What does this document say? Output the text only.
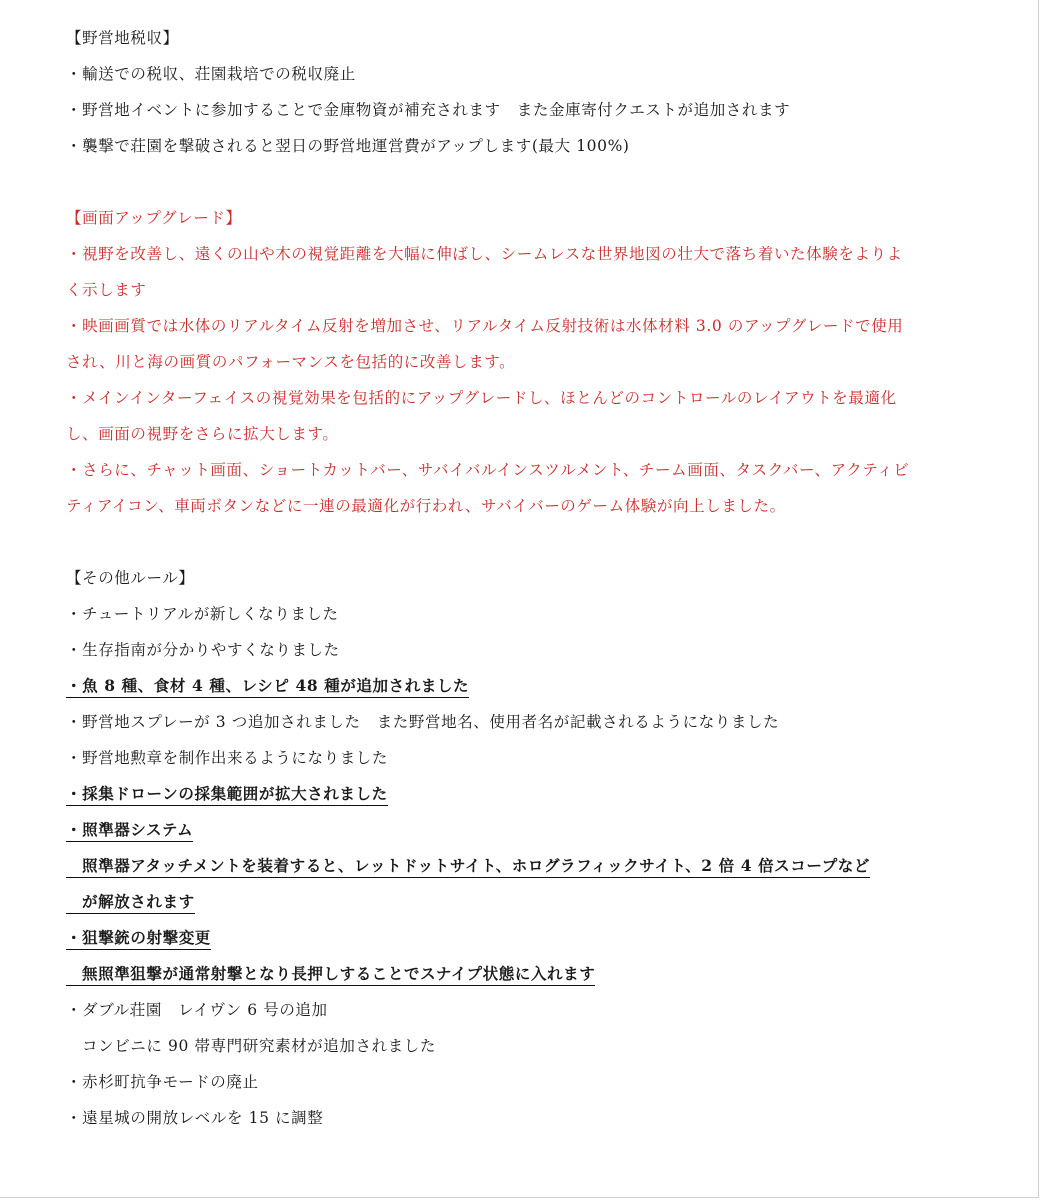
【野営地税収】
・輸送での税収、荘園栽培での税収廃止
・野営地イベントに参加することで金庫物資が補充されます　また金庫寄付クエストが追加されます
・襲撃で荘園を撃破されると翌日の野営地運営費がアップします(最大 100%)
【画面アップグレード】
・視野を改善し、遠くの山や木の視覚距離を大幅に伸ばし、シームレスな世界地図の壮大で落ち着いた体験をよりよ
く示します
・映画画質では水体のリアルタイム反射を増加させ、リアルタイム反射技術は水体材料 3.0 のアップグレードで使用
され、川と海の画質のパフォーマンスを包括的に改善します。
・メインインターフェイスの視覚効果を包括的にアップグレードし、ほとんどのコントロールのレイアウトを最適化
し、画面の視野をさらに拡大します。
・さらに、チャット画面、ショートカットバー、サバイバルインスツルメント、チーム画面、タスクバー、アクティビ
ティアイコン、車両ボタンなどに一連の最適化が行われ、サバイバーのゲーム体験が向上しました。
【その他ルール】
・チュートリアルが新しくなりました
・生存指南が分かりやすくなりました
・魚 8 種、食材 4 種、レシピ 48 種が追加されました
・野営地スプレーが 3 つ追加されました　また野営地名、使用者名が記載されるようになりました
・野営地勲章を制作出来るようになりました
・採集ドローンの採集範囲が拡大されました
・照準器システム
照準器アタッチメントを装着すると、レットドットサイト、ホログラフィックサイト、2 倍 4 倍スコープなど
が解放されます
・狙撃銃の射撃変更
無照準狙撃が通常射撃となり長押しすることでスナイプ状態に入れます
・ダブル荘園　レイヴン 6 号の追加
コンビニに 90 帯専門研究素材が追加されました
・赤杉町抗争モードの廃止
・遠星城の開放レベルを 15 に調整
